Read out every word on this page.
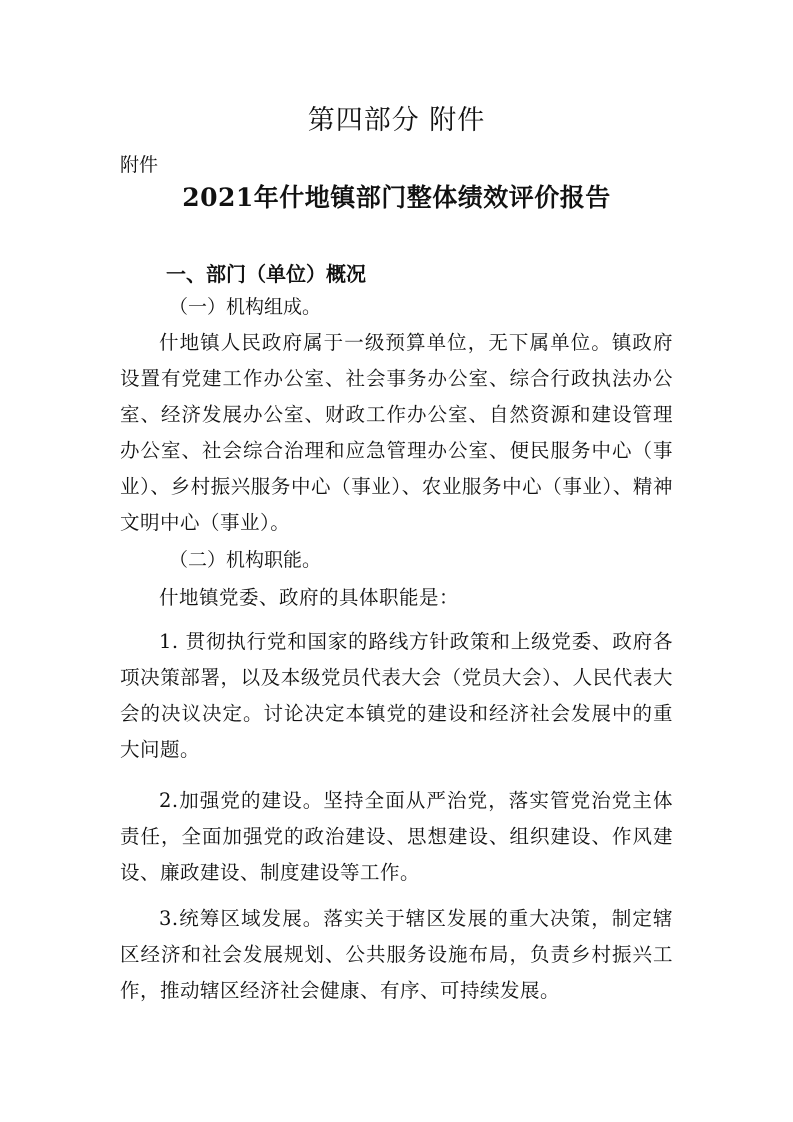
第四部分 附件
附件
2021年什地镇部门整体绩效评价报告
一、部门（单位）概况
（一）机构组成。
什地镇人民政府属于一级预算单位，无下属单位。镇政府设置有党建工作办公室、社会事务办公室、综合行政执法办公室、经济发展办公室、财政工作办公室、自然资源和建设管理办公室、社会综合治理和应急管理办公室、便民服务中心（事业）、乡村振兴服务中心（事业）、农业服务中心（事业）、精神文明中心（事业）。
（二）机构职能。
什地镇党委、政府的具体职能是：
1. 贯彻执行党和国家的路线方针政策和上级党委、政府各项决策部署，以及本级党员代表大会（党员大会）、人民代表大会的决议决定。讨论决定本镇党的建设和经济社会发展中的重大问题。
2.加强党的建设。坚持全面从严治党，落实管党治党主体责任，全面加强党的政治建设、思想建设、组织建设、作风建设、廉政建设、制度建设等工作。
3.统筹区域发展。落实关于辖区发展的重大决策，制定辖区经济和社会发展规划、公共服务设施布局，负责乡村振兴工作，推动辖区经济社会健康、有序、可持续发展。
